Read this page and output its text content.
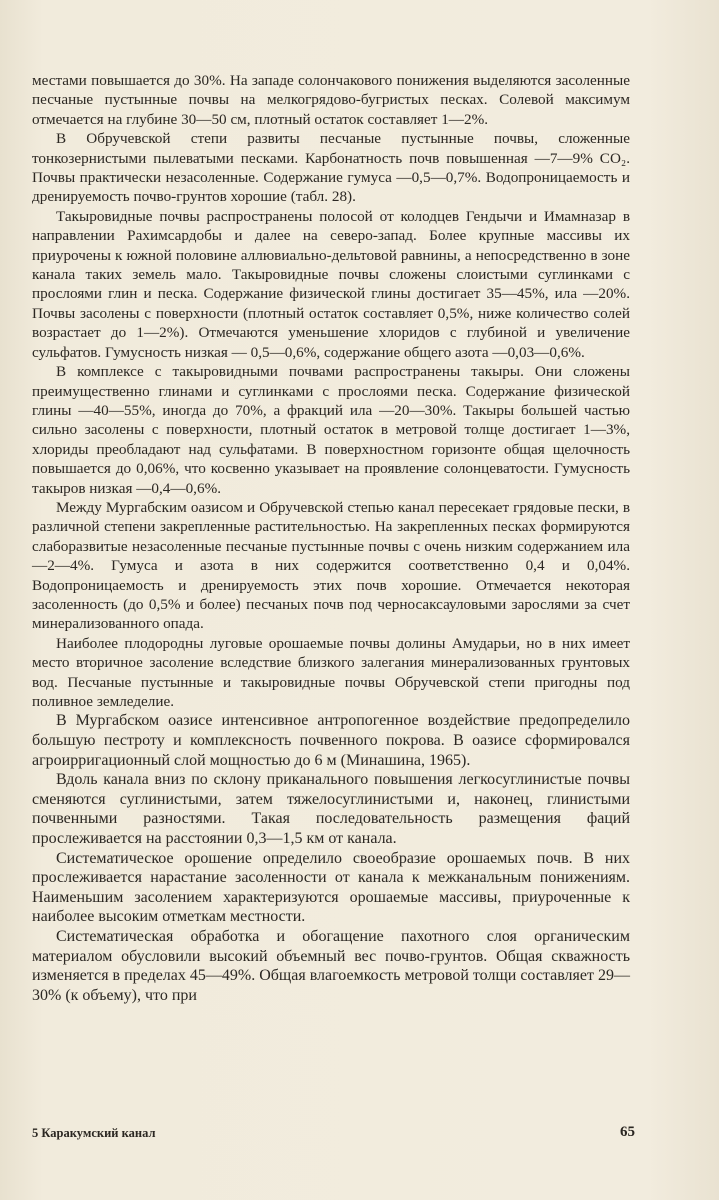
местами повышается до 30%. На западе солончакового понижения выделяются засоленные песчаные пустынные почвы на мелкогрядово-бугристых песках. Солевой максимум отмечается на глубине 30—50 см, плотный остаток составляет 1—2%.

В Обручевской степи развиты песчаные пустынные почвы, сложенные тонкозернистыми пылеватыми песками. Карбонатность почв повышенная —7—9% CO₂. Почвы практически незасоленные. Содержание гумуса —0,5—0,7%. Водопроницаемость и дренируемость почво-грунтов хорошие (табл. 28).

Такыровидные почвы распространены полосой от колодцев Гендычи и Имамназар в направлении Рахимсардобы и далее на северо-запад. Более крупные массивы их приурочены к южной половине аллювиально-дельтовой равнины, а непосредственно в зоне канала таких земель мало. Такыровидные почвы сложены слоистыми суглинками с прослоями глин и песка. Содержание физической глины достигает 35—45%, ила —20%. Почвы засолены с поверхности (плотный остаток составляет 0,5%, ниже количество солей возрастает до 1—2%). Отмечаются уменьшение хлоридов с глубиной и увеличение сульфатов. Гумусность низкая — 0,5—0,6%, содержание общего азота —0,03—0,6%.

В комплексе с такыровидными почвами распространены такыры. Они сложены преимущественно глинами и суглинками с прослоями песка. Содержание физической глины —40—55%, иногда до 70%, а фракций ила —20—30%. Такыры большей частью сильно засолены с поверхности, плотный остаток в метровой толще достигает 1—3%, хлориды преобладают над сульфатами. В поверхностном горизонте общая щелочность повышается до 0,06%, что косвенно указывает на проявление солонцеватости. Гумусность такыров низкая —0,4—0,6%.

Между Мургабским оазисом и Обручевской степью канал пересекает грядовые пески, в различной степени закрепленные растительностью. На закрепленных песках формируются слаборазвитые незасоленные песчаные пустынные почвы с очень низким содержанием ила —2—4%. Гумуса и азота в них содержится соответственно 0,4 и 0,04%. Водопроницаемость и дренируемость этих почв хорошие. Отмечается некоторая засоленность (до 0,5% и более) песчаных почв под черносаксауловыми зарослями за счет минерализованного опада.

Наиболее плодородны луговые орошаемые почвы долины Амударьи, но в них имеет место вторичное засоление вследствие близкого залегания минерализованных грунтовых вод. Песчаные пустынные и такыровидные почвы Обручевской степи пригодны под поливное земледелие.

В Мургабском оазисе интенсивное антропогенное воздействие предопределило большую пестроту и комплексность почвенного покрова. В оазисе сформировался агроирригационный слой мощностью до 6 м (Минашина, 1965).

Вдоль канала вниз по склону приканального повышения легкосуглинистые почвы сменяются суглинистыми, затем тяжелосуглинистыми и, наконец, глинистыми почвенными разностями. Такая последовательность размещения фаций прослеживается на расстоянии 0,3—1,5 км от канала.

Систематическое орошение определило своеобразие орошаемых почв. В них прослеживается нарастание засоленности от канала к межканальным понижениям. Наименьшим засолением характеризуются орошаемые массивы, приуроченные к наиболее высоким отметкам местности.

Систематическая обработка и обогащение пахотного слоя органическим материалом обусловили высокий объемный вес почво-грунтов. Общая скважность изменяется в пределах 45—49%. Общая влагоемкость метровой толщи составляет 29—30% (к объему), что при

5 Каракумский канал	65
